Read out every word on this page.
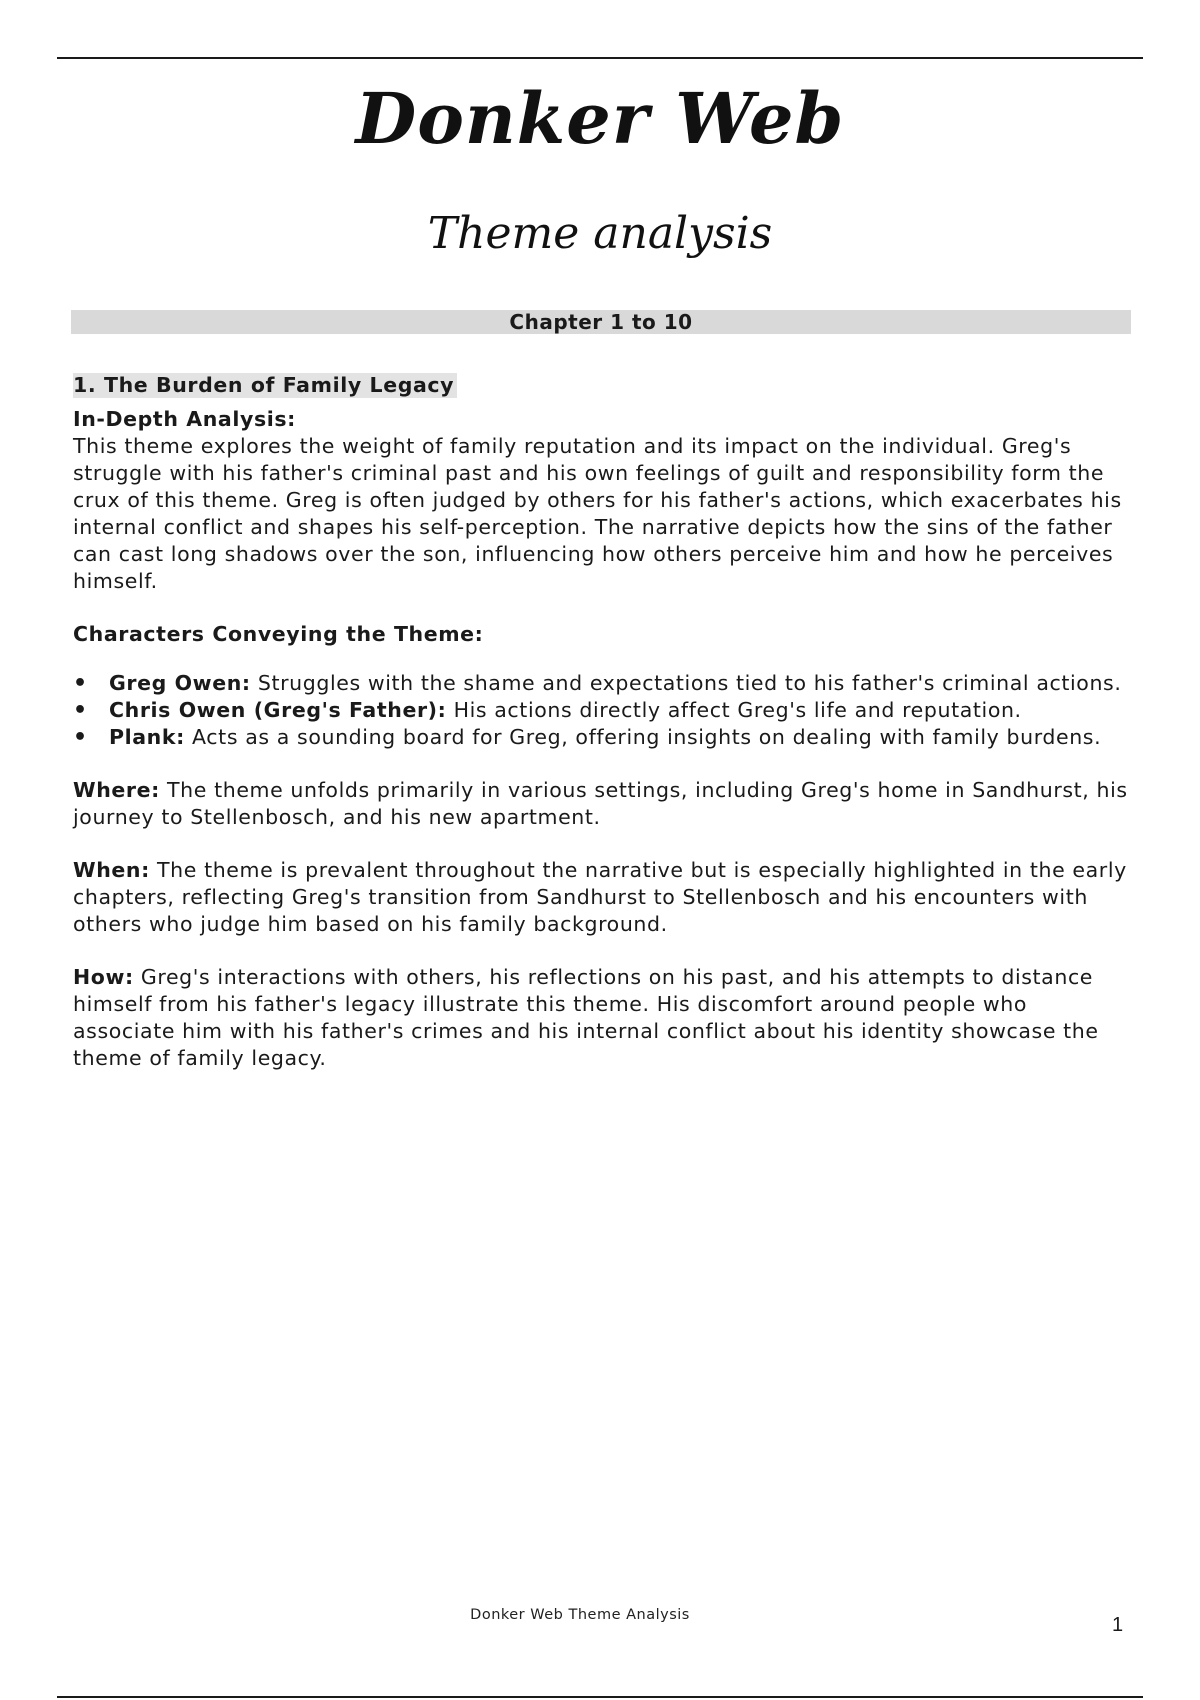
Donker Web
Theme analysis
Chapter 1 to 10
1. The Burden of Family Legacy
In-Depth Analysis:

This theme explores the weight of family reputation and its impact on the individual. Greg's struggle with his father's criminal past and his own feelings of guilt and responsibility form the crux of this theme. Greg is often judged by others for his father's actions, which exacerbates his internal conflict and shapes his self-perception. The narrative depicts how the sins of the father can cast long shadows over the son, influencing how others perceive him and how he perceives himself.

Characters Conveying the Theme:
• Greg Owen: Struggles with the shame and expectations tied to his father's criminal actions.
• Chris Owen (Greg's Father): His actions directly affect Greg's life and reputation.
• Plank: Acts as a sounding board for Greg, offering insights on dealing with family burdens.

Where: The theme unfolds primarily in various settings, including Greg's home in Sandhurst, his journey to Stellenbosch, and his new apartment.

When: The theme is prevalent throughout the narrative but is especially highlighted in the early chapters, reflecting Greg's transition from Sandhurst to Stellenbosch and his encounters with others who judge him based on his family background.

How: Greg's interactions with others, his reflections on his past, and his attempts to distance himself from his father's legacy illustrate this theme. His discomfort around people who associate him with his father's crimes and his internal conflict about his identity showcase the theme of family legacy.

Donker Web Theme Analysis	1
